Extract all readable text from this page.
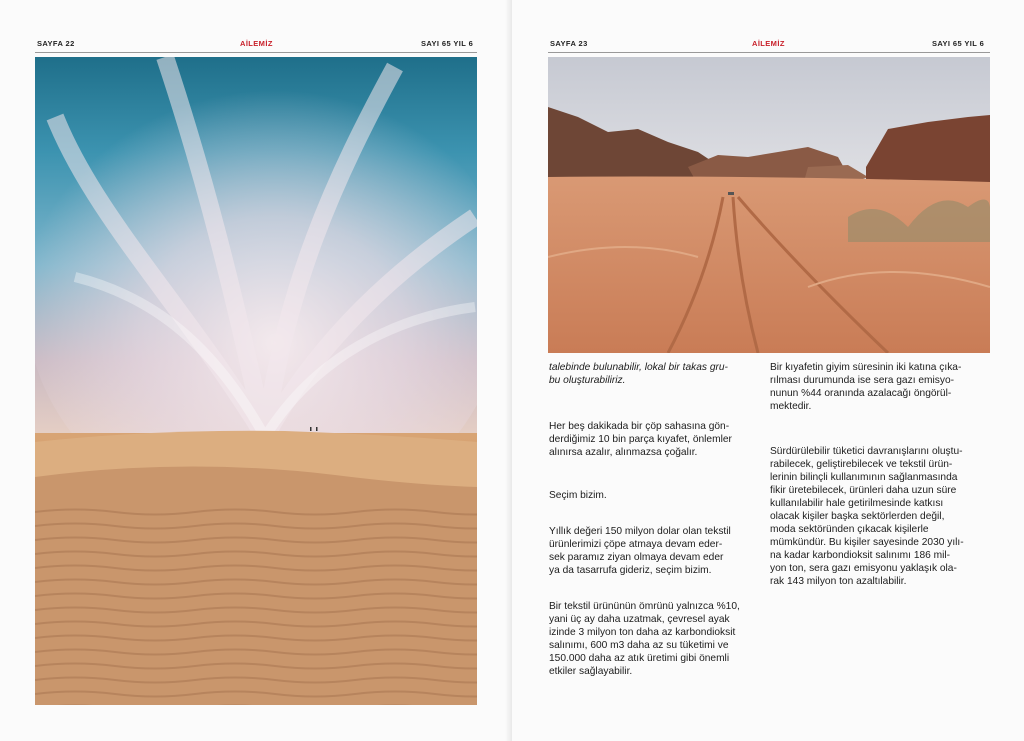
SAYFA 22	AİLEMİZ	SAYI 65 YIL 6	SAYFA 23	AİLEMİZ	SAYI 65 YIL 6

talebinde bulunabilir, lokal bir takas gru-
bu oluşturabiliriz.

Her beş dakikada bir çöp sahasına gön-
derdiğimiz 10 bin parça kıyafet, önlemler
alınırsa azalır, alınmazsa çoğalır.

Seçim bizim.

Yıllık değeri 150 milyon dolar olan tekstil
ürünlerimizi çöpe atmaya devam eder-
sek paramız ziyan olmaya devam eder
ya da tasarrufa gideriz, seçim bizim.

Bir tekstil ürününün ömrünü yalnızca %10,
yani üç ay daha uzatmak, çevresel ayak
izinde 3 milyon ton daha az karbondioksit
salınımı, 600 m3 daha az su tüketimi ve
150.000 daha az atık üretimi gibi önemli
etkiler sağlayabilir.

Bir kıyafetin giyim süresinin iki katına çıka-
rılması durumunda ise sera gazı emisyo-
nunun %44 oranında azalacağı öngörül-
mektedir.

Sürdürülebilir tüketici davranışlarını oluştu-
rabilecek, geliştirebilecek ve tekstil ürün-
lerinin bilinçli kullanımının sağlanmasında
fikir üretebilecek, ürünleri daha uzun süre
kullanılabilir hale getirilmesinde katkısı
olacak kişiler başka sektörlerden değil,
moda sektöründen çıkacak kişilerle
mümkündür. Bu kişiler sayesinde 2030 yılı-
na kadar karbondioksit salınımı 186 mil-
yon ton, sera gazı emisyonu yaklaşık ola-
rak 143 milyon ton azaltılabilir.
